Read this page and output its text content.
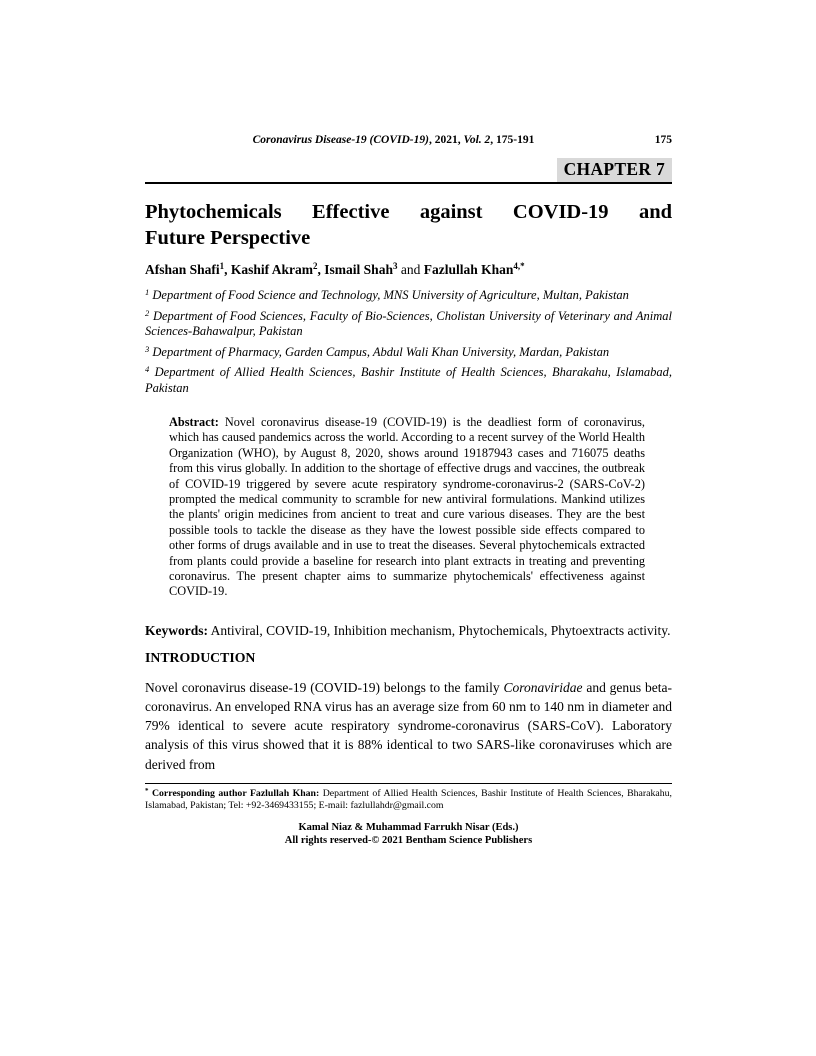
Coronavirus Disease-19 (COVID-19), 2021, Vol. 2, 175-191	175
CHAPTER 7
Phytochemicals Effective against COVID-19 and
Future Perspective
Afshan Shafi$^1$, Kashif Akram$^2$, Ismail Shah$^3$ and Fazlullah Khan$^{4,*}$
$^1$ Department of Food Science and Technology, MNS University of Agriculture, Multan, Pakistan
$^2$ Department of Food Sciences, Faculty of Bio-Sciences, Cholistan University of Veterinary and Animal Sciences-Bahawalpur, Pakistan
$^3$ Department of Pharmacy, Garden Campus, Abdul Wali Khan University, Mardan, Pakistan
$^4$ Department of Allied Health Sciences, Bashir Institute of Health Sciences, Bharakahu, Islamabad, Pakistan
Abstract: Novel coronavirus disease-19 (COVID-19) is the deadliest form of coronavirus, which has caused pandemics across the world. According to a recent survey of the World Health Organization (WHO), by August 8, 2020, shows around 19187943 cases and 716075 deaths from this virus globally. In addition to the shortage of effective drugs and vaccines, the outbreak of COVID-19 triggered by severe acute respiratory syndrome-coronavirus-2 (SARS-CoV-2) prompted the medical community to scramble for new antiviral formulations. Mankind utilizes the plants' origin medicines from ancient to treat and cure various diseases. They are the best possible tools to tackle the disease as they have the lowest possible side effects compared to other forms of drugs available and in use to treat the diseases. Several phytochemicals extracted from plants could provide a baseline for research into plant extracts in treating and preventing coronavirus. The present chapter aims to summarize phytochemicals' effectiveness against COVID-19.
Keywords: Antiviral, COVID-19, Inhibition mechanism, Phytochemicals, Phytoextracts activity.
INTRODUCTION
Novel coronavirus disease-19 (COVID-19) belongs to the family Coronaviridae and genus beta-coronavirus. An enveloped RNA virus has an average size from 60 nm to 140 nm in diameter and 79% identical to severe acute respiratory syndrome-coronavirus (SARS-CoV). Laboratory analysis of this virus showed that it is 88% identical to two SARS-like coronaviruses which are derived from
* Corresponding author Fazlullah Khan: Department of Allied Health Sciences, Bashir Institute of Health Sciences, Bharakahu, Islamabad, Pakistan; Tel: +92-3469433155; E-mail: fazlullahdr@gmail.com
Kamal Niaz & Muhammad Farrukh Nisar (Eds.)
All rights reserved-© 2021 Bentham Science Publishers
